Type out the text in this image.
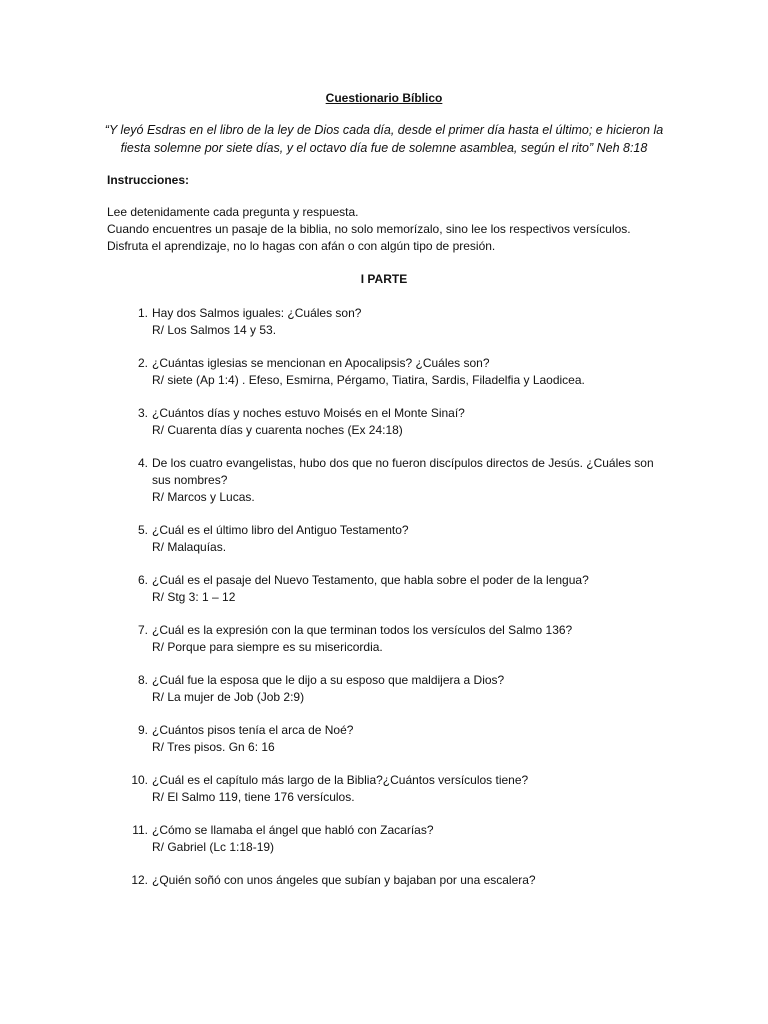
Cuestionario Bíblico
“Y leyó Esdras en el libro de la ley de Dios cada día, desde el primer día hasta el último; e hicieron la fiesta solemne por siete días, y el octavo día fue de solemne asamblea, según el rito” Neh 8:18
Instrucciones:
Lee detenidamente cada pregunta y respuesta.
Cuando encuentres un pasaje de la biblia, no solo memorízalo, sino lee los respectivos versículos.
Disfruta el aprendizaje, no lo hagas con afán o con algún tipo de presión.
I PARTE
1. Hay dos Salmos iguales: ¿Cuáles son?
R/ Los Salmos 14 y 53.
2. ¿Cuántas iglesias se mencionan en Apocalipsis? ¿Cuáles son?
R/ siete (Ap 1:4) . Efeso, Esmirna, Pérgamo, Tiatira, Sardis, Filadelfia y Laodicea.
3. ¿Cuántos días y noches estuvo Moisés en el Monte Sinaí?
R/ Cuarenta días y cuarenta noches (Ex 24:18)
4. De los cuatro evangelistas, hubo dos que no fueron discípulos directos de Jesús. ¿Cuáles son sus nombres?
R/ Marcos y Lucas.
5. ¿Cuál es el último libro del Antiguo Testamento?
R/ Malaquías.
6. ¿Cuál es el pasaje del Nuevo Testamento, que habla sobre el poder de la lengua?
R/ Stg 3: 1 – 12
7. ¿Cuál es la expresión con la que terminan todos los versículos del Salmo 136?
R/ Porque para siempre es su misericordia.
8. ¿Cuál fue la esposa que le dijo a su esposo que maldijera a Dios?
R/ La mujer de Job (Job 2:9)
9. ¿Cuántos pisos tenía el arca de Noé?
R/ Tres pisos. Gn 6: 16
10. ¿Cuál es el capítulo más largo de la Biblia?¿Cuántos versículos tiene?
R/ El Salmo 119, tiene 176 versículos.
11. ¿Cómo se llamaba el ángel que habló con Zacarías?
R/ Gabriel (Lc 1:18-19)
12. ¿Quién soñó con unos ángeles que subían y bajaban por una escalera?
